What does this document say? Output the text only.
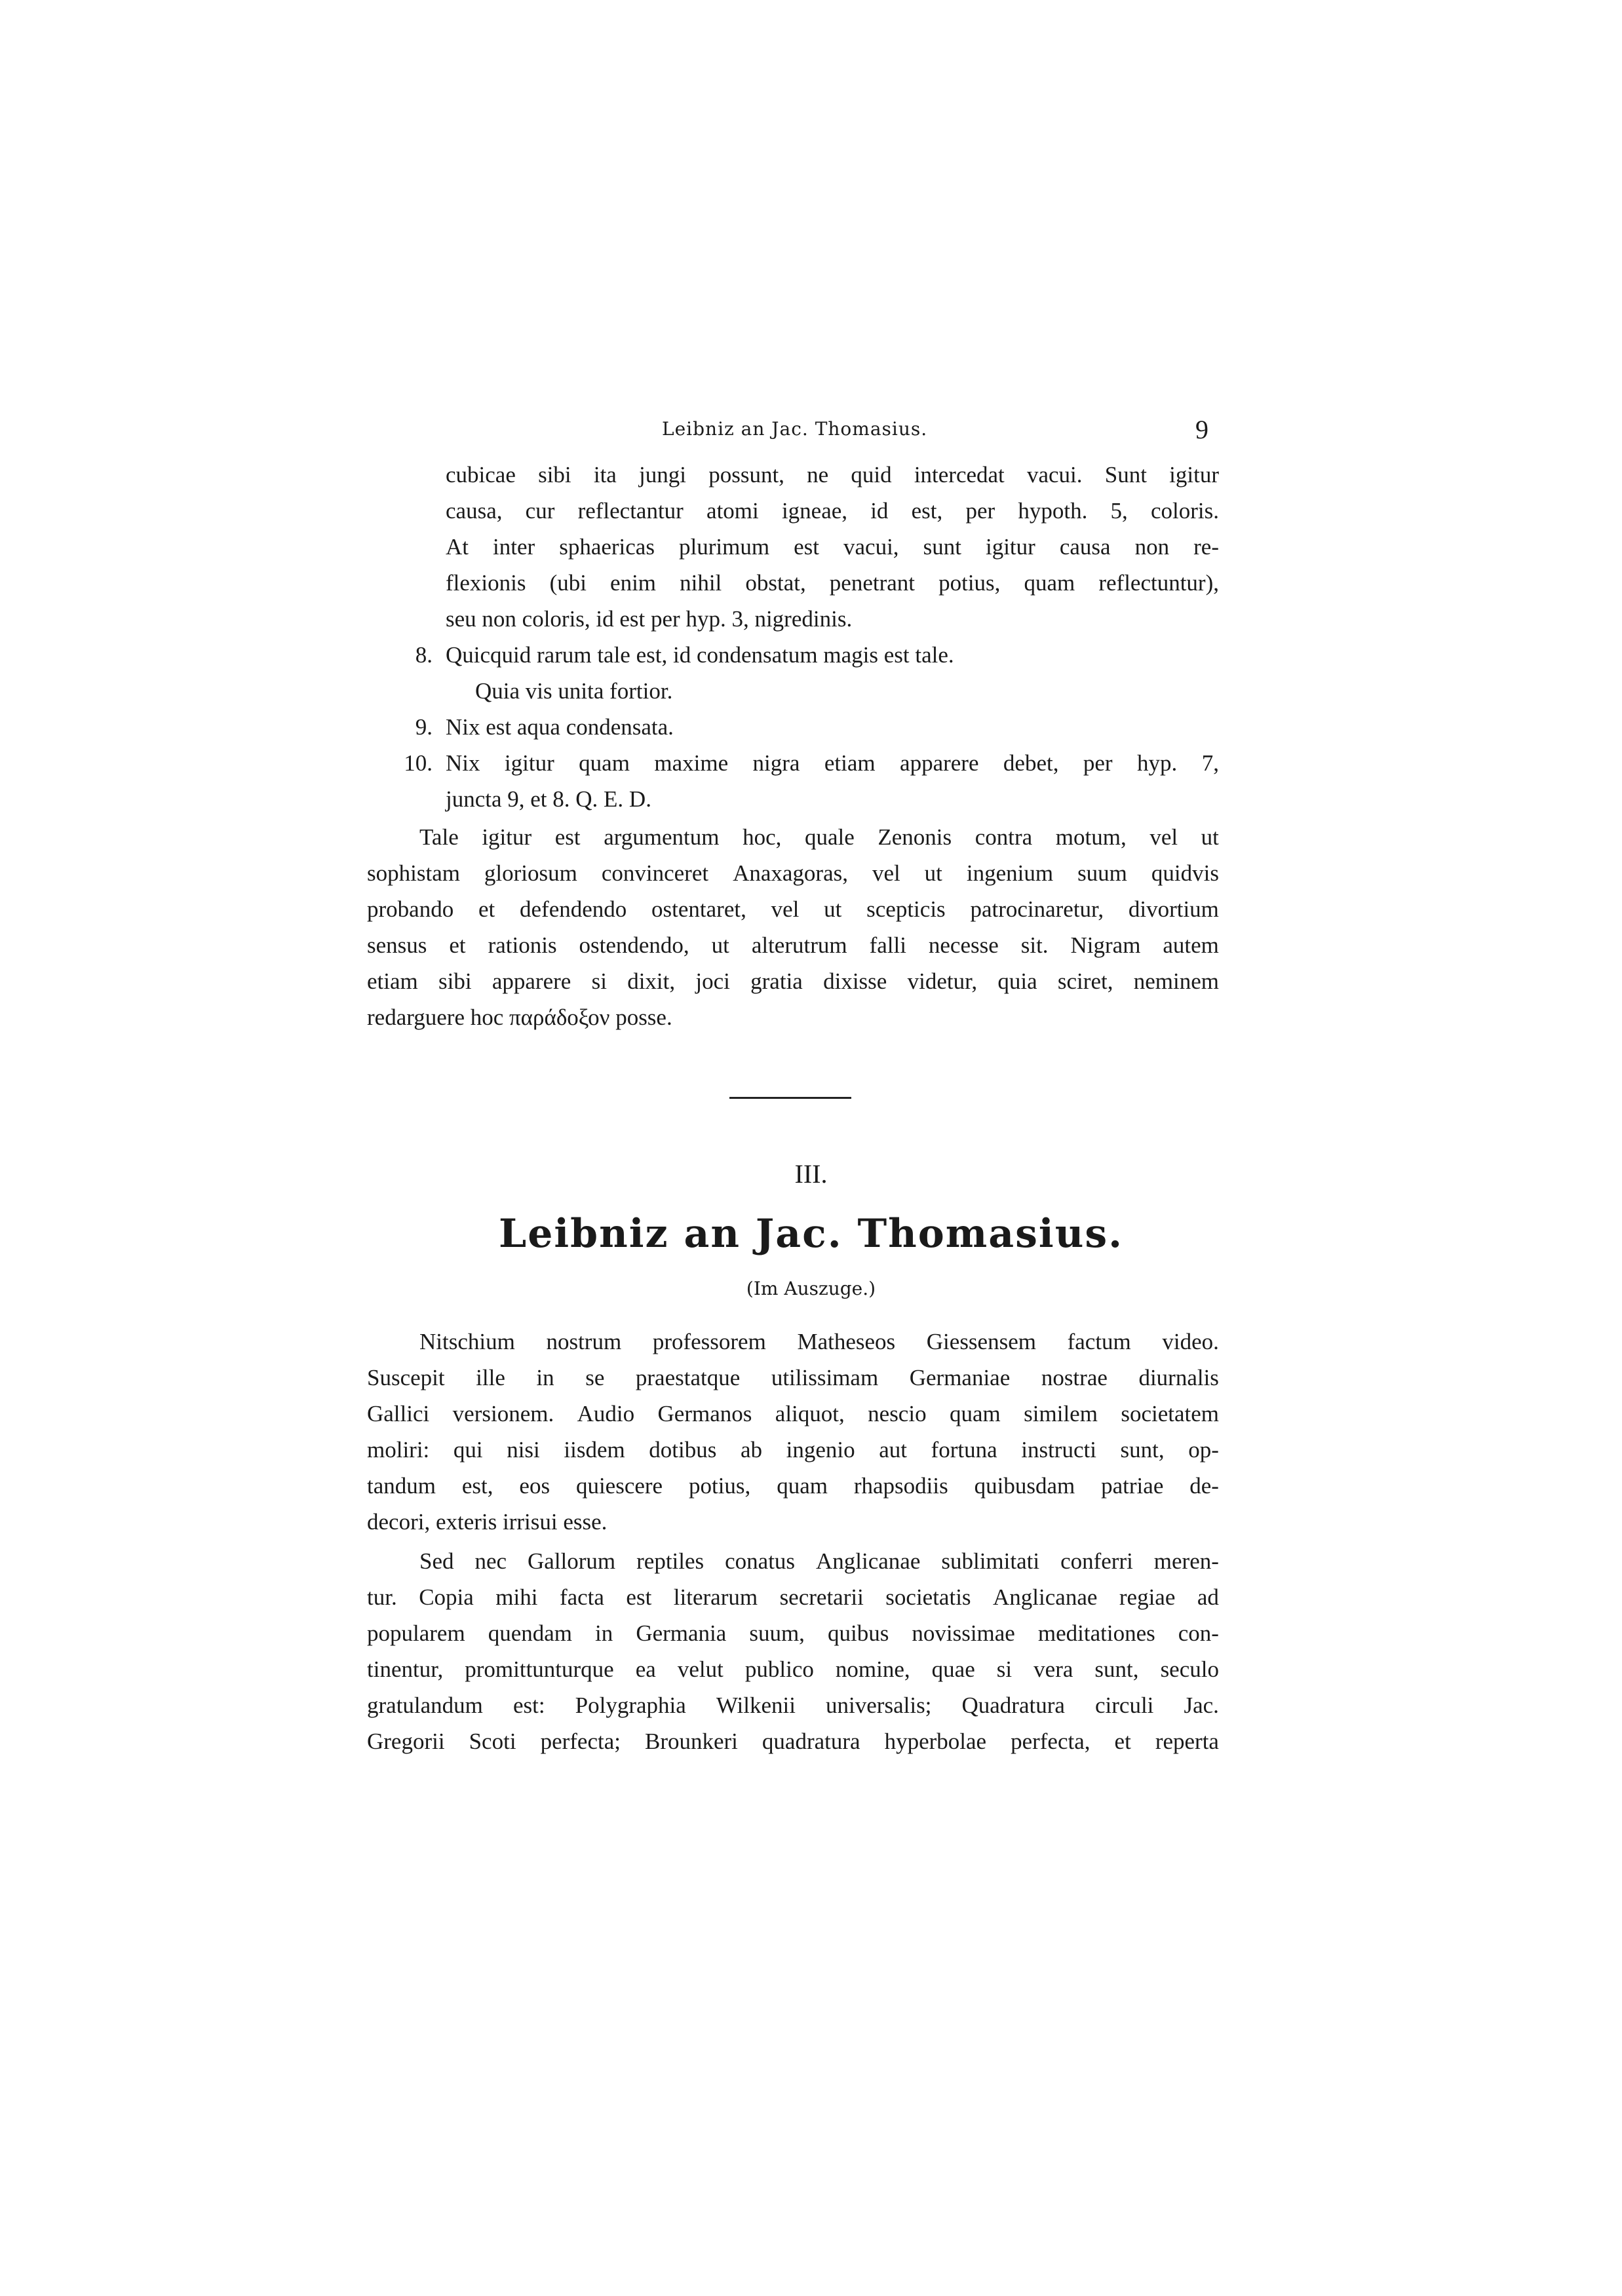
Leibniz an Jac. Thomasius.	9
cubicae sibi ita jungi possunt, ne quid intercedat vacui. Sunt igitur
causa, cur reflectantur atomi igneae, id est, per hypoth. 5, coloris.
At inter sphaericas plurimum est vacui, sunt igitur causa non re-
flexionis (ubi enim nihil obstat, penetrant potius, quam reflectuntur),
seu non coloris, id est per hyp. 3, nigredinis.
8. Quicquid rarum tale est, id condensatum magis est tale.
Quia vis unita fortior.
9. Nix est aqua condensata.
10. Nix igitur quam maxime nigra etiam apparere debet, per hyp. 7,
juncta 9, et 8. Q. E. D.
Tale igitur est argumentum hoc, quale Zenonis contra motum, vel ut
sophistam gloriosum convinceret Anaxagoras, vel ut ingenium suum quidvis
probando et defendendo ostentaret, vel ut scepticis patrocinaretur, divortium
sensus et rationis ostendendo, ut alterutrum falli necesse sit. Nigram autem
etiam sibi apparere si dixit, joci gratia dixisse videtur, quia sciret, neminem
redarguere hoc παράδοξον posse.
III.
Leibniz an Jac. Thomasius.
(Im Auszuge.)
Nitschium nostrum professorem Matheseos Giessensem factum video.
Suscepit ille in se praestatque utilissimam Germaniae nostrae diurnalis
Gallici versionem. Audio Germanos aliquot, nescio quam similem societatem
moliri: qui nisi iisdem dotibus ab ingenio aut fortuna instructi sunt, op-
tandum est, eos quiescere potius, quam rhapsodiis quibusdam patriae de-
decori, exteris irrisui esse.
Sed nec Gallorum reptiles conatus Anglicanae sublimitati conferri meren-
tur. Copia mihi facta est literarum secretarii societatis Anglicanae regiae ad
popularem quendam in Germania suum, quibus novissimae meditationes con-
tinentur, promittunturque ea velut publico nomine, quae si vera sunt, seculo
gratulandum est: Polygraphia Wilkenii universalis; Quadratura circuli Jac.
Gregorii Scoti perfecta; Brounkeri quadratura hyperbolae perfecta, et reperta
